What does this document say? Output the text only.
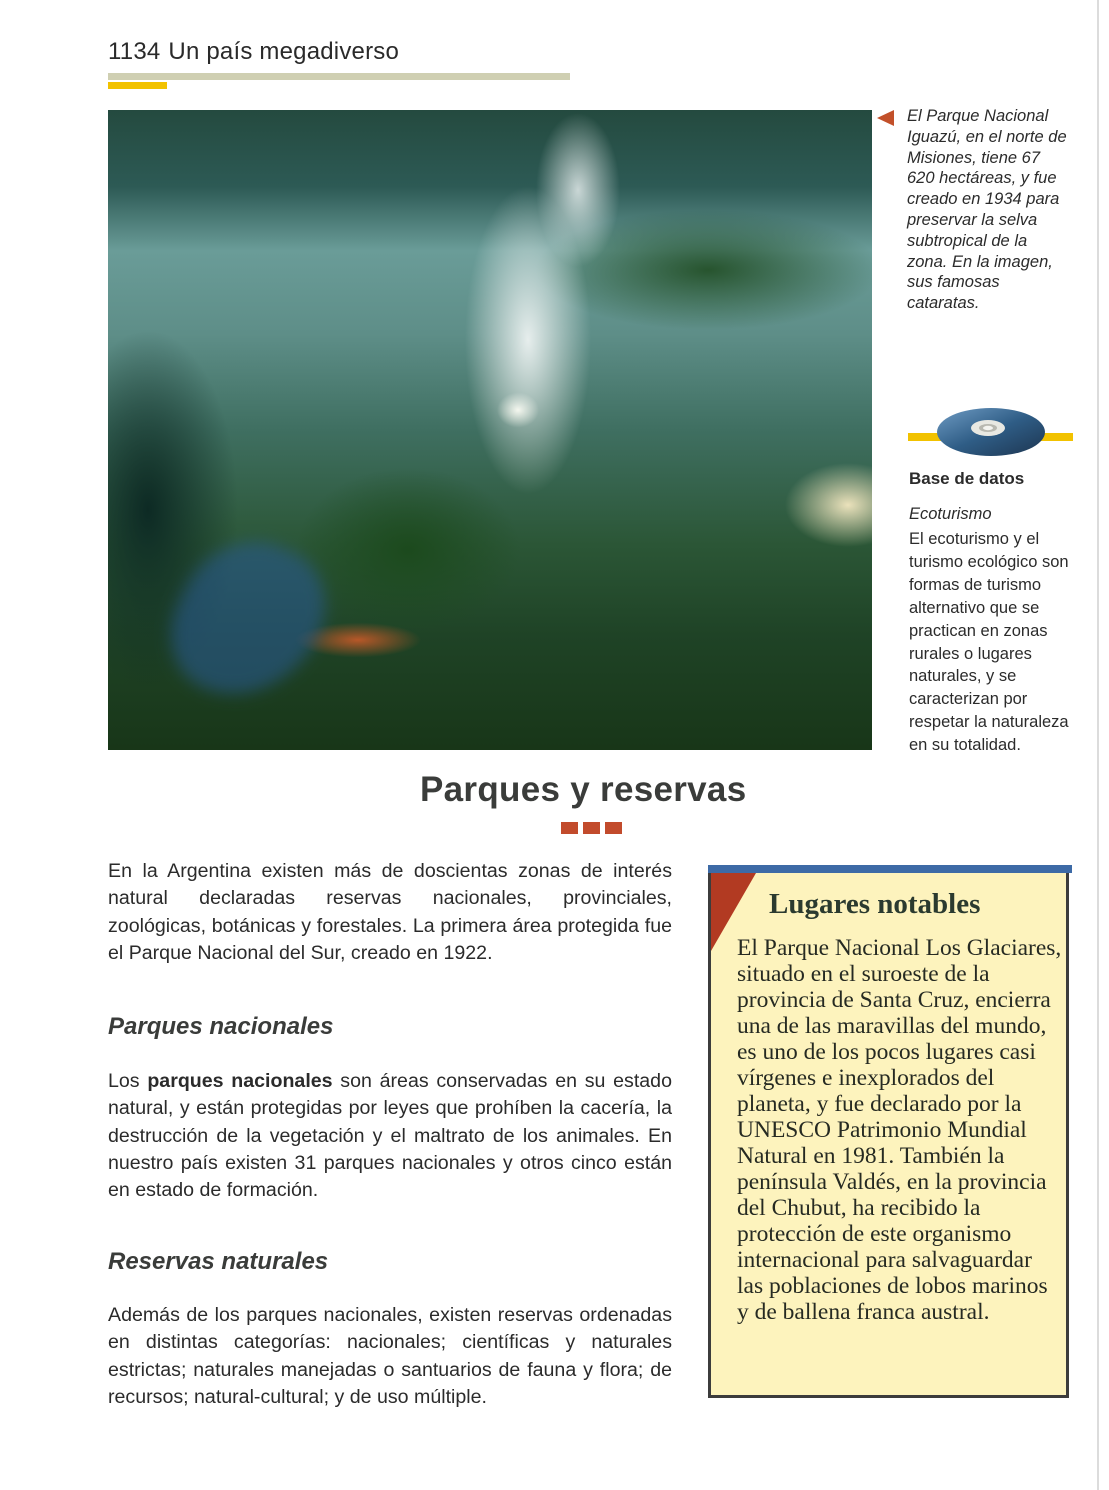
1134 Un país megadiverso
El Parque Nacional Iguazú, en el norte de Misiones, tiene 67 620 hectáreas, y fue creado en 1934 para preservar la selva subtropical de la zona. En la imagen, sus famosas cataratas.
Base de datos
Ecoturismo
El ecoturismo y el turismo ecológico son formas de turismo alternativo que se practican en zonas rurales o lugares naturales, y se caracterizan por respetar la naturaleza en su totalidad.
Parques y reservas
En la Argentina existen más de doscientas zonas de interés natural declaradas reservas nacionales, provinciales, zoológicas, botánicas y forestales. La primera área protegida fue el Parque Nacional del Sur, creado en 1922.
Parques nacionales
Los parques nacionales son áreas conservadas en su estado natural, y están protegidas por leyes que prohíben la cacería, la destrucción de la vegetación y el maltrato de los animales. En nuestro país existen 31 parques nacionales y otros cinco están en estado de formación.
Reservas naturales
Además de los parques nacionales, existen reservas ordenadas en distintas categorías: nacionales; científicas y naturales estrictas; naturales manejadas o santuarios de fauna y flora; de recursos; natural-cultural; y de uso múltiple.
Lugares notables
El Parque Nacional Los Glaciares, situado en el suroeste de la provincia de Santa Cruz, encierra una de las maravillas del mundo, es uno de los pocos lugares casi vírgenes e inexplorados del planeta, y fue declarado por la UNESCO Patrimonio Mundial Natural en 1981. También la península Valdés, en la provincia del Chubut, ha recibido la protección de este organismo internacional para salvaguardar las poblaciones de lobos marinos y de ballena franca austral.
